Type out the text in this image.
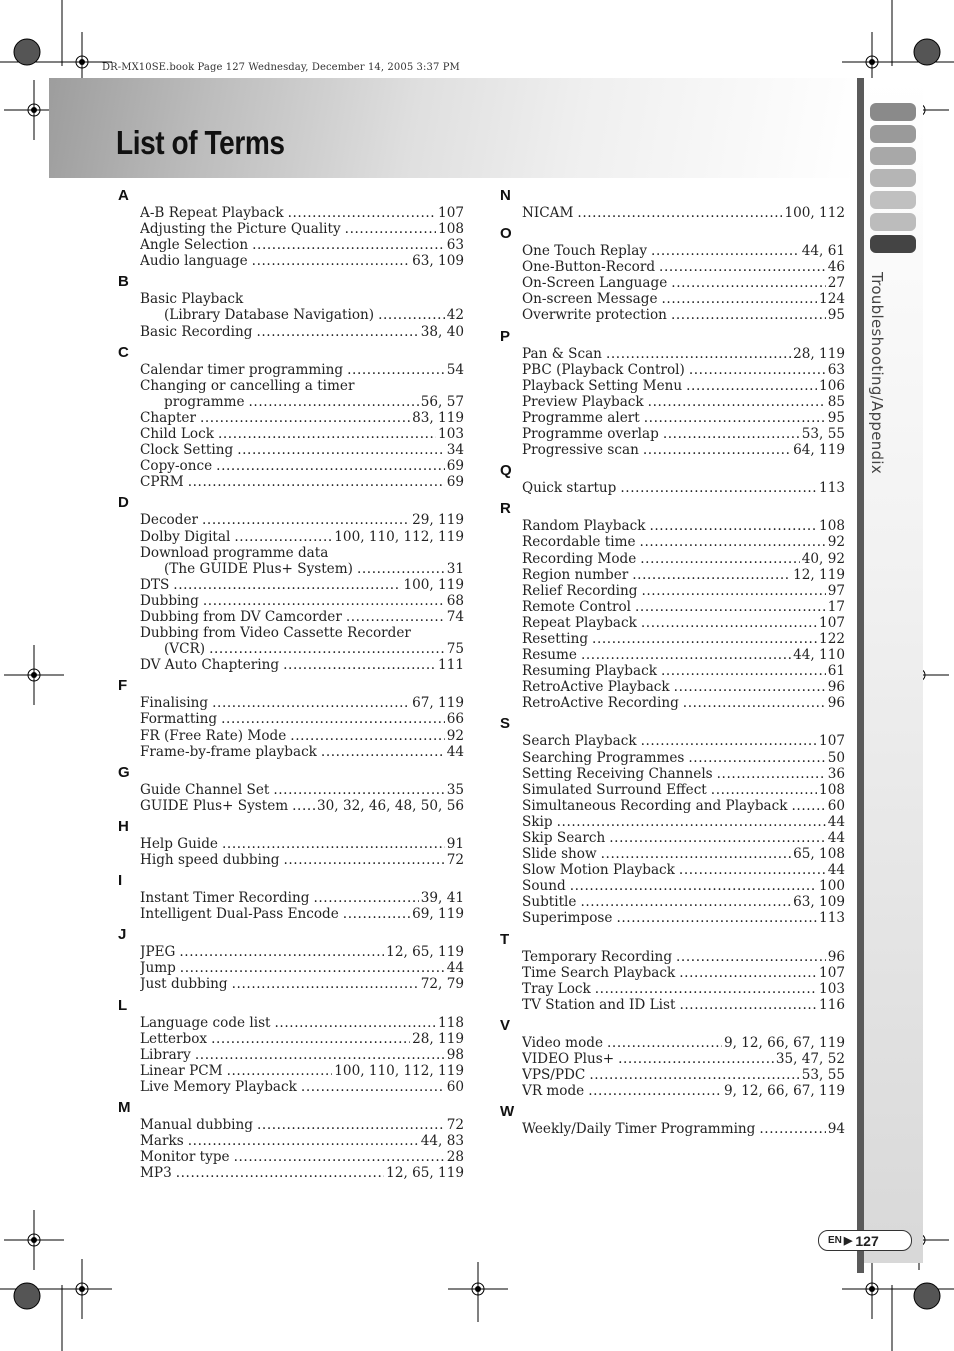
DR-MX10SE.book Page 127 Wednesday, December 14, 2005 3:37 PM
List of Terms
Troubleshooting/Appendix
A
A-B Repeat Playback .....	107
Adjusting the Picture Quality .....	108
Angle Selection .....	63
Audio language .....	63, 109
B
Basic Playback
(Library Database Navigation) .....	42
Basic Recording .....	38, 40
C
Calendar timer programming .....	54
Changing or cancelling a timer
programme .....	56, 57
Chapter .....	83, 119
Child Lock .....	103
Clock Setting .....	34
Copy-once .....	69
CPRM .....	69
D
Decoder .....	29, 119
Dolby Digital .....	100, 110, 112, 119
Download programme data
(The GUIDE Plus+ System) .....	31
DTS .....	100, 119
Dubbing .....	68
Dubbing from DV Camcorder .....	74
Dubbing from Video Cassette Recorder
(VCR) .....	75
DV Auto Chaptering .....	111
F
Finalising .....	67, 119
Formatting .....	66
FR (Free Rate) Mode .....	92
Frame-by-frame playback .....	44
G
Guide Channel Set .....	35
GUIDE Plus+ System ..... 30, 32, 46, 48, 50, 56
H
Help Guide .....	91
High speed dubbing .....	72
I
Instant Timer Recording .....	39, 41
Intelligent Dual-Pass Encode .....	69, 119
J
JPEG .....	12, 65, 119
Jump .....	44
Just dubbing .....	72, 79
L
Language code list .....	118
Letterbox .....	28, 119
Library .....	98
Linear PCM .....	100, 110, 112, 119
Live Memory Playback .....	60
M
Manual dubbing .....	72
Marks .....	44, 83
Monitor type .....	28
MP3 .....	12, 65, 119
N
NICAM .....	100, 112
O
One Touch Replay .....	44, 61
One-Button-Record .....	46
On-Screen Language .....	27
On-screen Message .....	124
Overwrite protection .....	95
P
Pan & Scan .....	28, 119
PBC (Playback Control) .....	63
Playback Setting Menu .....	106
Preview Playback .....	85
Programme alert .....	95
Programme overlap .....	53, 55
Progressive scan .....	64, 119
Q
Quick startup .....	113
R
Random Playback .....	108
Recordable time .....	92
Recording Mode .....	40, 92
Region number .....	12, 119
Relief Recording .....	97
Remote Control .....	17
Repeat Playback .....	107
Resetting .....	122
Resume .....	44, 110
Resuming Playback .....	61
RetroActive Playback .....	96
RetroActive Recording .....	96
S
Search Playback .....	107
Searching Programmes .....	50
Setting Receiving Channels .....	36
Simulated Surround Effect .....	108
Simultaneous Recording and Playback .....	60
Skip .....	44
Skip Search .....	44
Slide show .....	65, 108
Slow Motion Playback .....	44
Sound .....	100
Subtitle .....	63, 109
Superimpose .....	113
T
Temporary Recording .....	96
Time Search Playback .....	107
Tray Lock .....	103
TV Station and ID List .....	116
V
Video mode .....	9, 12, 66, 67, 119
VIDEO Plus+ .....	35, 47, 52
VPS/PDC .....	53, 55
VR mode .....	9, 12, 66, 67, 119
W
Weekly/Daily Timer Programming .....	94
EN ▶ 127
